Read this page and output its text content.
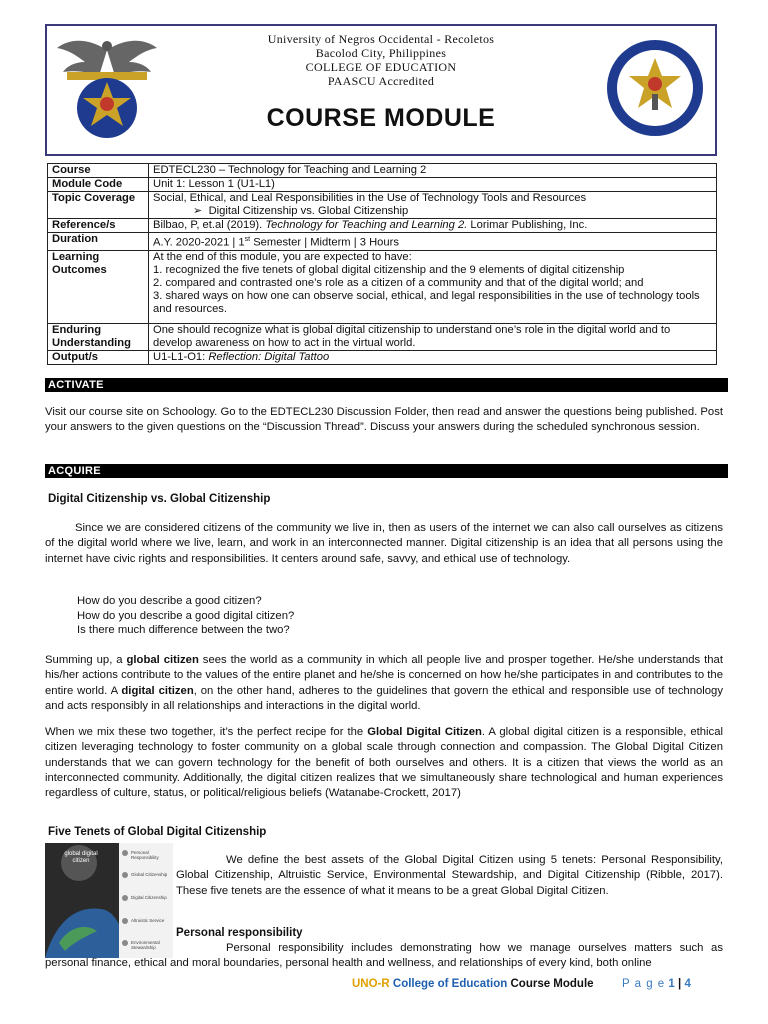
University of Negros Occidental - Recoletos
Bacolod City, Philippines
COLLEGE OF EDUCATION
PAASCU Accredited
COURSE MODULE
Course	EDTECL230 – Technology for Teaching and Learning 2
Module Code	Unit 1: Lesson 1 (U1-L1)
Topic Coverage	Social, Ethical, and Leal Responsibilities in the Use of Technology Tools and Resources
➢  Digital Citizenship vs. Global Citizenship

Reference/s	Bilbao, P, et.al (2019). Technology for Teaching and Learning 2. Lorimar Publishing, Inc.
Duration	A.Y. 2020-2021 | 1st Semester | Midterm | 3 Hours
Learning Outcomes	At the end of this module, you are expected to have:
1. recognized the five tenets of global digital citizenship and the 9 elements of digital citizenship
2. compared and contrasted one’s role as a citizen of a community and that of the digital world; and
3. shared ways on how one can observe social, ethical, and legal responsibilities in the use of technology tools and resources.

Enduring Understanding	One should recognize what is global digital citizenship to understand one’s role in the digital world and to develop awareness on how to act in the virtual world.
Output/s	U1-L1-O1: Reflection: Digital Tattoo
ACTIVATE
Visit our course site on Schoology. Go to the EDTECL230 Discussion Folder, then read and answer the questions being published. Post your answers to the given questions on the “Discussion Thread”. Discuss your answers during the scheduled synchronous session.
ACQUIRE
Digital Citizenship vs. Global Citizenship
Since we are considered citizens of the community we live in, then as users of the internet we can also call ourselves as citizens of the digital world where we live, learn, and work in an interconnected manner. Digital citizenship is an idea that all persons using the internet have civic rights and responsibilities. It centers around safe, savvy, and ethical use of technology.
How do you describe a good citizen?
How do you describe a good digital citizen?
Is there much difference between the two?
Summing up, a global citizen sees the world as a community in which all people live and prosper together. He/she understands that his/her actions contribute to the values of the entire planet and he/she is concerned on how he/she participates in and contributes to the entire world. A digital citizen, on the other hand, adheres to the guidelines that govern the ethical and responsible use of technology and acts responsibly in all relationships and interactions in the digital world.
When we mix these two together, it’s the perfect recipe for the Global Digital Citizen. A global digital citizen is a responsible, ethical citizen leveraging technology to foster community on a global scale through connection and compassion. The Global Digital Citizen understands that we can govern technology for the benefit of both ourselves and others. It is a citizen that views the world as an interconnected community. Additionally, the digital citizen realizes that we simultaneously share technological and human experiences regardless of culture, status, or political/religious beliefs (Watanabe-Crockett, 2017)
Five Tenets of Global Digital Citizenship
global digital citizen
Personal Responsibility
Global Citizenship
Digital Citizenship
Altruistic Service
Environmental Stewardship
We define the best assets of the Global Digital Citizen using 5 tenets: Personal Responsibility, Global Citizenship, Altruistic Service, Environmental Stewardship, and Digital Citizenship (Ribble, 2017). These five tenets are the essence of what it means to be a great Global Digital Citizen.
Personal responsibility
Personal responsibility includes demonstrating how we manage ourselves matters such as personal finance, ethical and moral boundaries, personal health and wellness, and relationships of every kind, both online
UNO-R College of Education Course Module P a g e 1 | 4
